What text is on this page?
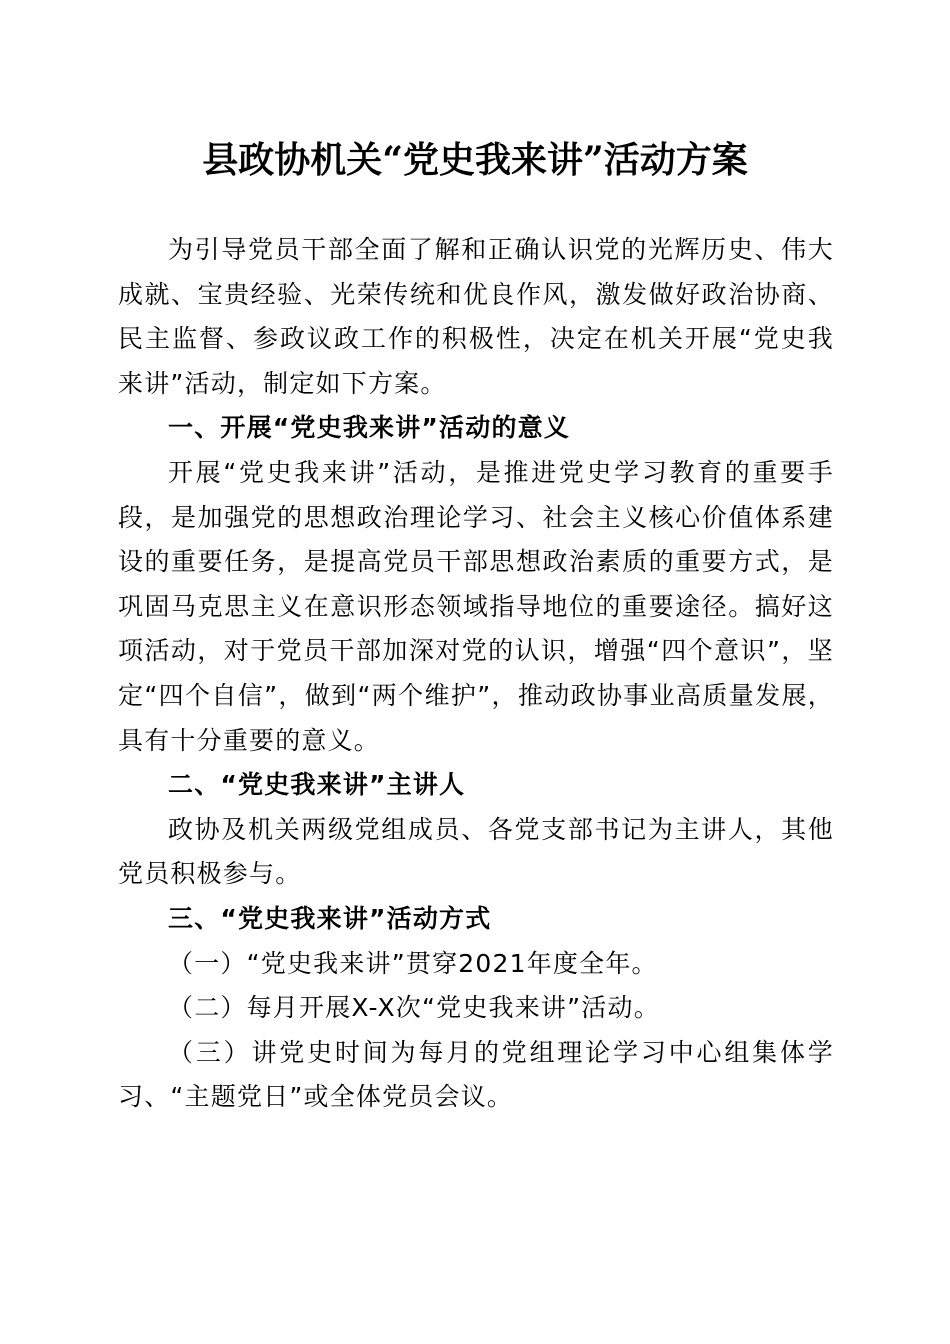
县政协机关“党史我来讲”活动方案

为引导党员干部全面了解和正确认识党的光辉历史、伟大成就、宝贵经验、光荣传统和优良作风，激发做好政治协商、民主监督、参政议政工作的积极性，决定在机关开展“党史我来讲”活动，制定如下方案。

一、开展“党史我来讲”活动的意义

开展“党史我来讲”活动，是推进党史学习教育的重要手段，是加强党的思想政治理论学习、社会主义核心价值体系建设的重要任务，是提高党员干部思想政治素质的重要方式，是巩固马克思主义在意识形态领域指导地位的重要途径。搞好这项活动，对于党员干部加深对党的认识，增强“四个意识”，坚定“四个自信”，做到“两个维护”，推动政协事业高质量发展，具有十分重要的意义。

二、“党史我来讲”主讲人

政协及机关两级党组成员、各党支部书记为主讲人，其他党员积极参与。

三、“党史我来讲”活动方式

（一）“党史我来讲”贯穿2021年度全年。

（二）每月开展X-X次“党史我来讲”活动。

（三）讲党史时间为每月的党组理论学习中心组集体学习、“主题党日”或全体党员会议。
